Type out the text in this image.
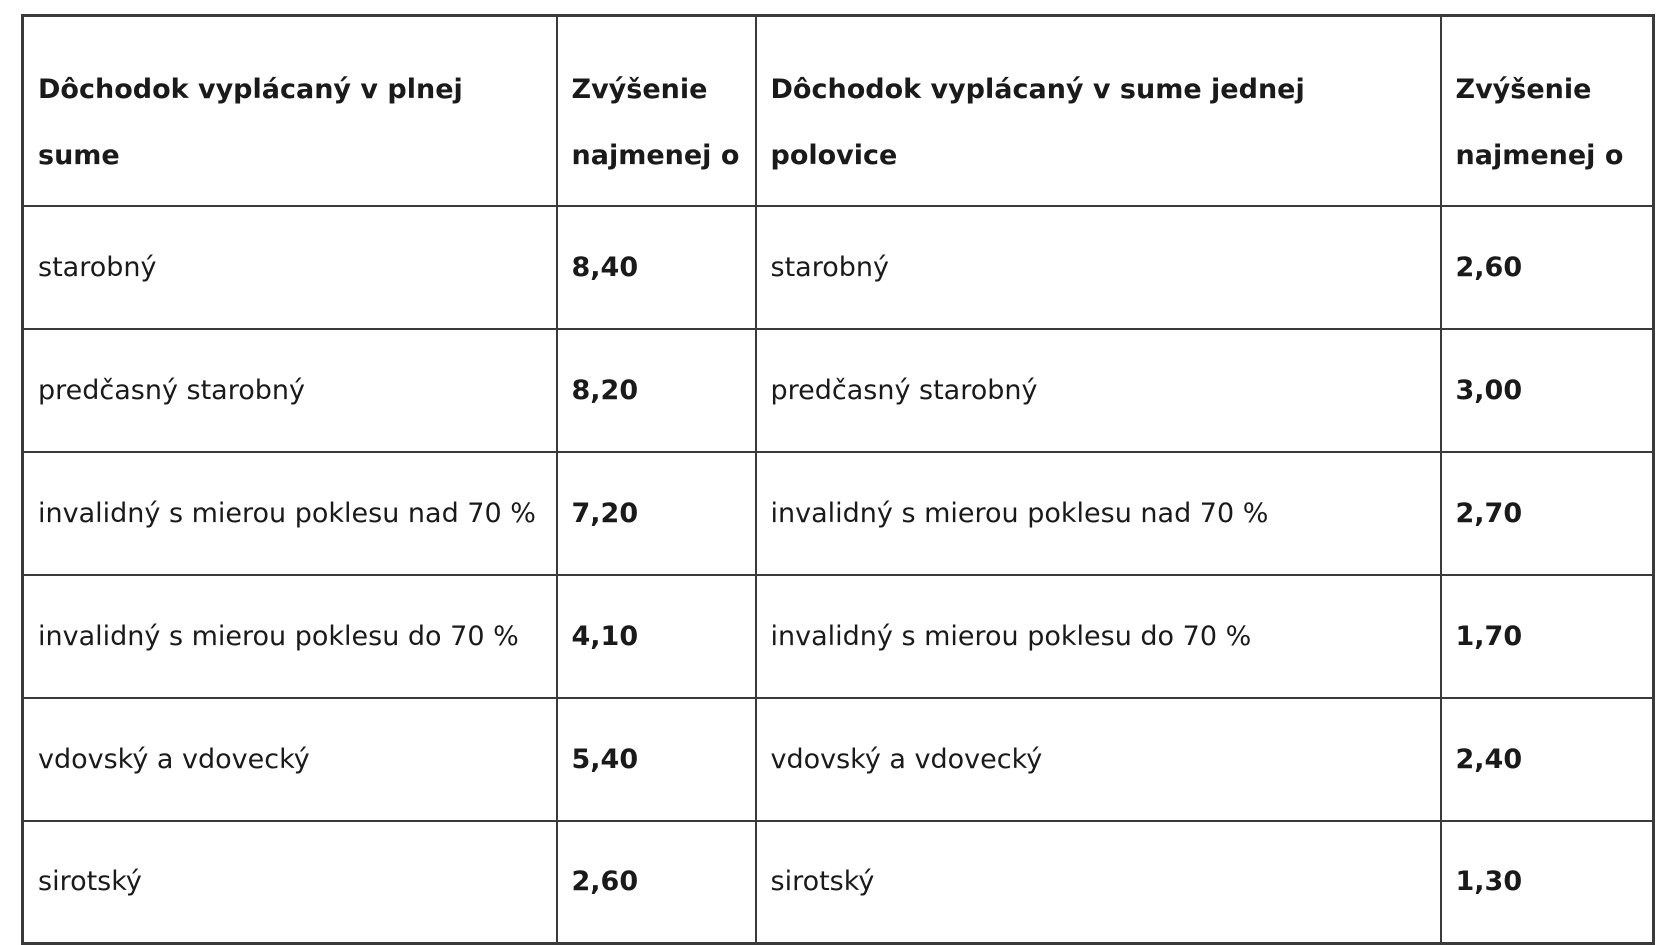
Dôchodok vyplácaný v plnej sume	Zvýšenie najmenej o	Dôchodok vyplácaný v sume jednej polovice	Zvýšenie najmenej o
starobný	8,40	starobný	2,60
predčasný starobný	8,20	predčasný starobný	3,00
invalidný s mierou poklesu nad 70 %	7,20	invalidný s mierou poklesu nad 70 %	2,70
invalidný s mierou poklesu do 70 %	4,10	invalidný s mierou poklesu do 70 %	1,70
vdovský a vdovecký	5,40	vdovský a vdovecký	2,40
sirotský	2,60	sirotský	1,30
